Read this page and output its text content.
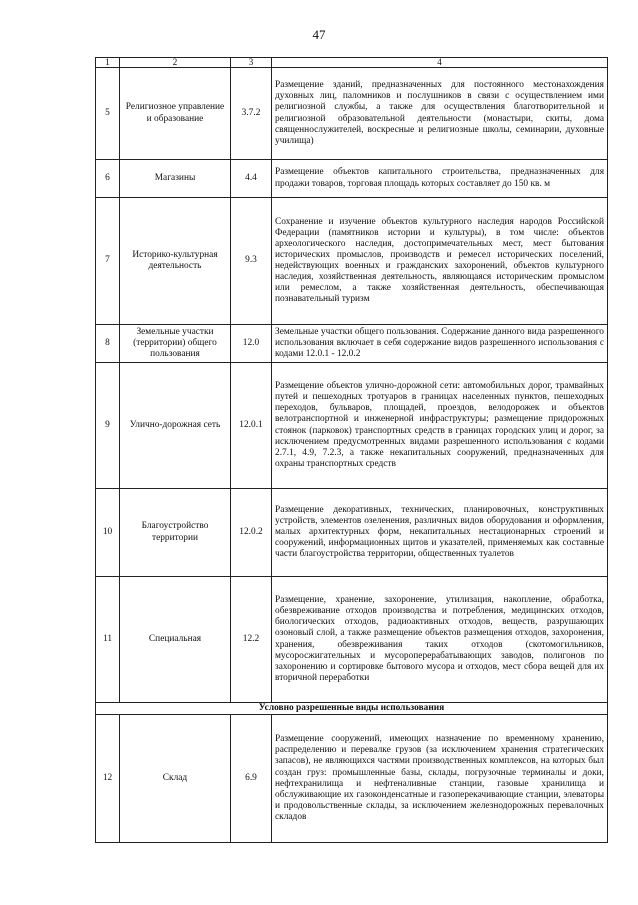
47
1	2	3	4
5	Религиозное управление и образование	3.7.2	Размещение зданий, предназначенных для постоянного местонахождения духовных лиц, паломников и послушников в связи с осуществлением ими религиозной службы, а также для осуществления благотворительной и религиозной образовательной деятельности (монастыри, скиты, дома священнослужителей, воскресные и религиозные школы, семинарии, духовные училища)
6	Магазины	4.4	Размещение объектов капитального строительства, предназначенных для продажи товаров, торговая площадь которых составляет до 150 кв. м
7	Историко-культурная деятельность	9.3	Сохранение и изучение объектов культурного наследия народов Российской Федерации (памятников истории и культуры), в том числе: объектов археологического наследия, достопримечательных мест, мест бытования исторических промыслов, производств и ремесел исторических поселений, недействующих военных и гражданских захоронений, объектов культурного наследия, хозяйственная деятельность, являющаяся историческим промыслом или ремеслом, а также хозяйственная деятельность, обеспечивающая познавательный туризм
8	Земельные участки (территории) общего пользования	12.0	Земельные участки общего пользования. Содержание данного вида разрешенного использования включает в себя содержание видов разрешенного использования с кодами 12.0.1 - 12.0.2
9	Улично-дорожная сеть	12.0.1	Размещение объектов улично-дорожной сети: автомобильных дорог, трамвайных путей и пешеходных тротуаров в границах населенных пунктов, пешеходных переходов, бульваров, площадей, проездов, велодорожек и объектов велотранспортной и инженерной инфраструктуры; размещение придорожных стоянок (парковок) транспортных средств в границах городских улиц и дорог, за исключением предусмотренных видами разрешенного использования с кодами 2.7.1, 4.9, 7.2.3, а также некапитальных сооружений, предназначенных для охраны транспортных средств
10	Благоустройство территории	12.0.2	Размещение декоративных, технических, планировочных, конструктивных устройств, элементов озеленения, различных видов оборудования и оформления, малых архитектурных форм, некапитальных нестационарных строений и сооружений, информационных щитов и указателей, применяемых как составные части благоустройства территории, общественных туалетов
11	Специальная	12.2	Размещение, хранение, захоронение, утилизация, накопление, обработка, обезвреживание отходов производства и потребления, медицинских отходов, биологических отходов, радиоактивных отходов, веществ, разрушающих озоновый слой, а также размещение объектов размещения отходов, захоронения, хранения, обезвреживания таких отходов (скотомогильников, мусоросжигательных и мусороперерабатывающих заводов, полигонов по захоронению и сортировке бытового мусора и отходов, мест сбора вещей для их вторичной переработки
Условно разрешенные виды использования			
12	Склад	6.9	Размещение сооружений, имеющих назначение по временному хранению, распределению и перевалке грузов (за исключением хранения стратегических запасов), не являющихся частями производственных комплексов, на которых был создан груз: промышленные базы, склады, погрузочные терминалы и доки, нефтехранилища и нефтеналивные станции, газовые хранилища и обслуживающие их газоконденсатные и газоперекачивающие станции, элеваторы и продовольственные склады, за исключением железнодорожных перевалочных складов
